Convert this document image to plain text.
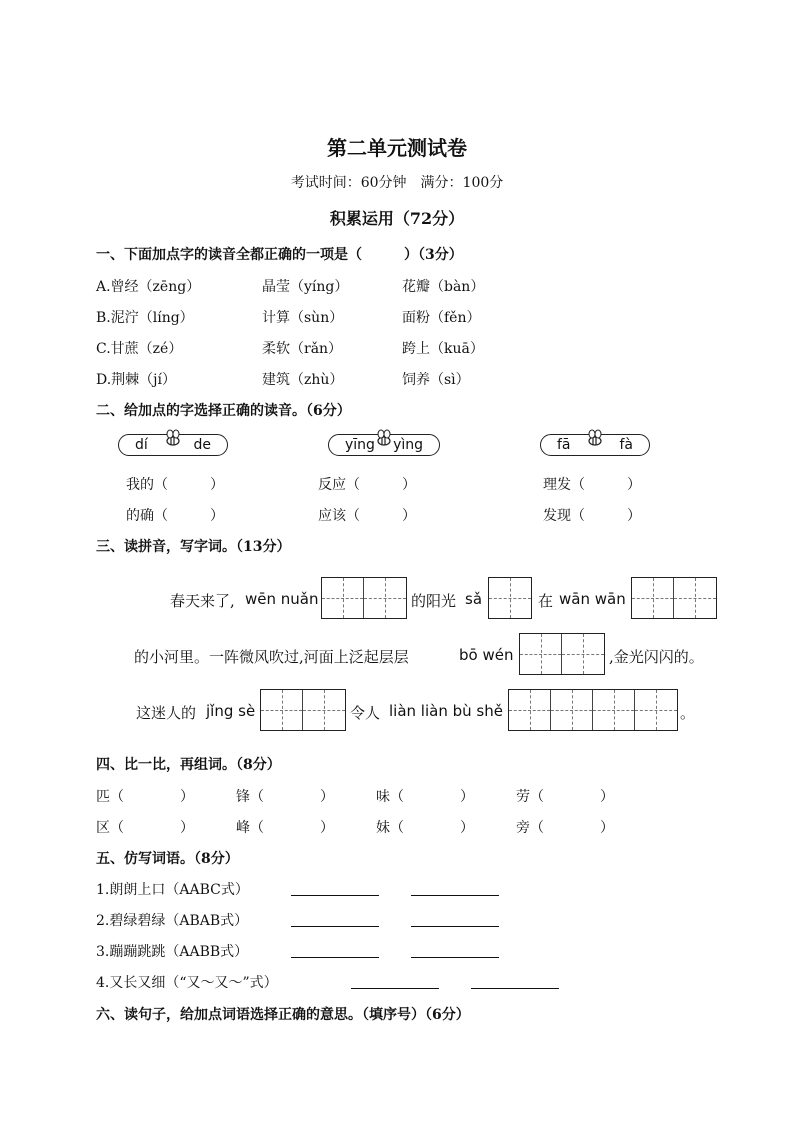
第二单元测试卷
考试时间：60分钟　满分：100分
积累运用（72分）
一、下面加点字的读音全都正确的一项是（　　　）（3分）
A.曾经（zēng）	晶莹（yíng）	花瓣（bàn）
B.泥泞（líng）	计算（sùn）	面粉（fěn）
C.甘蔗（zé）	柔软（rǎn）	跨上（kuā）
D.荆棘（jí）	建筑（zhù）	饲养（sì）
二、给加点的字选择正确的读音。（6分）
dí	de	yīng yìng	fā	fà
我的（　　　）	反应（　　　）	理发（　　　）
的确（　　　）	应该（　　　）	发现（　　　）
三、读拼音，写字词。（13分）
春天来了, wēn nuǎn	的阳光 sǎ	在 wān wān
的小河里。一阵微风吹过,河面上泛起层层	bō wén	,金光闪闪的。
这迷人的 jǐng sè	令人 liàn liàn bù shě	。
四、比一比，再组词。（8分）
匹（　　　　）	锋（　　　　）	味（　　　　）	劳（　　　　）
区（　　　　）	峰（　　　　）	妹（　　　　）	旁（　　　　）
五、仿写词语。（8分）
1.朗朗上口（AABC式）
2.碧绿碧绿（ABAB式）
3.蹦蹦跳跳（AABB式）
4.又长又细（“又～又～”式）
六、读句子，给加点词语选择正确的意思。（填序号）（6分）
